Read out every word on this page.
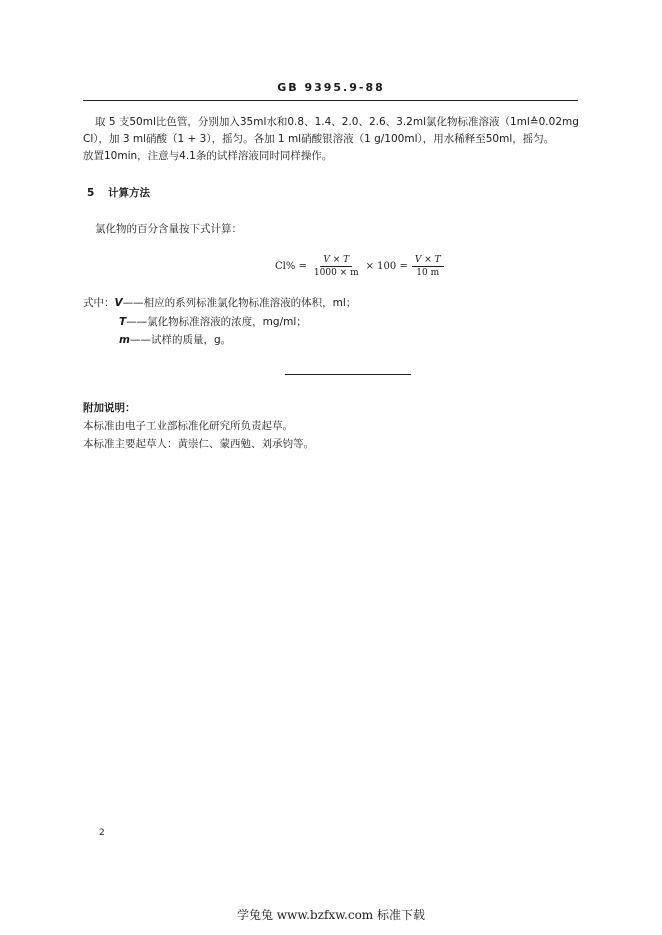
GB 9395.9-88
取 5 支50ml比色管，分别加入35ml水和0.8、1.4、2.0、2.6、3.2ml氯化物标准溶液（1ml≙0.02mg
Cl），加 3 ml硝酸（1 + 3），摇匀。各加 1 ml硝酸银溶液（1 g/100ml），用水稀释至50ml，摇匀。
放置10min，注意与4.1条的试样溶液同时同样操作。
5 计算方法
氯化物的百分含量按下式计算：
$Cl\% = \frac{V \times T}{1000 \times m} \times 100 = \frac{V \times T}{10 m}$
式中：V——相应的系列标准氯化物标准溶液的体积，ml；
T——氯化物标准溶液的浓度，mg/ml；
m——试样的质量，g。
附加说明：
本标准由电子工业部标准化研究所负责起草。
本标准主要起草人：黄崇仁、蒙西勉、刘承钧等。
2
学兔兔 www.bzfxw.com 标准下载
